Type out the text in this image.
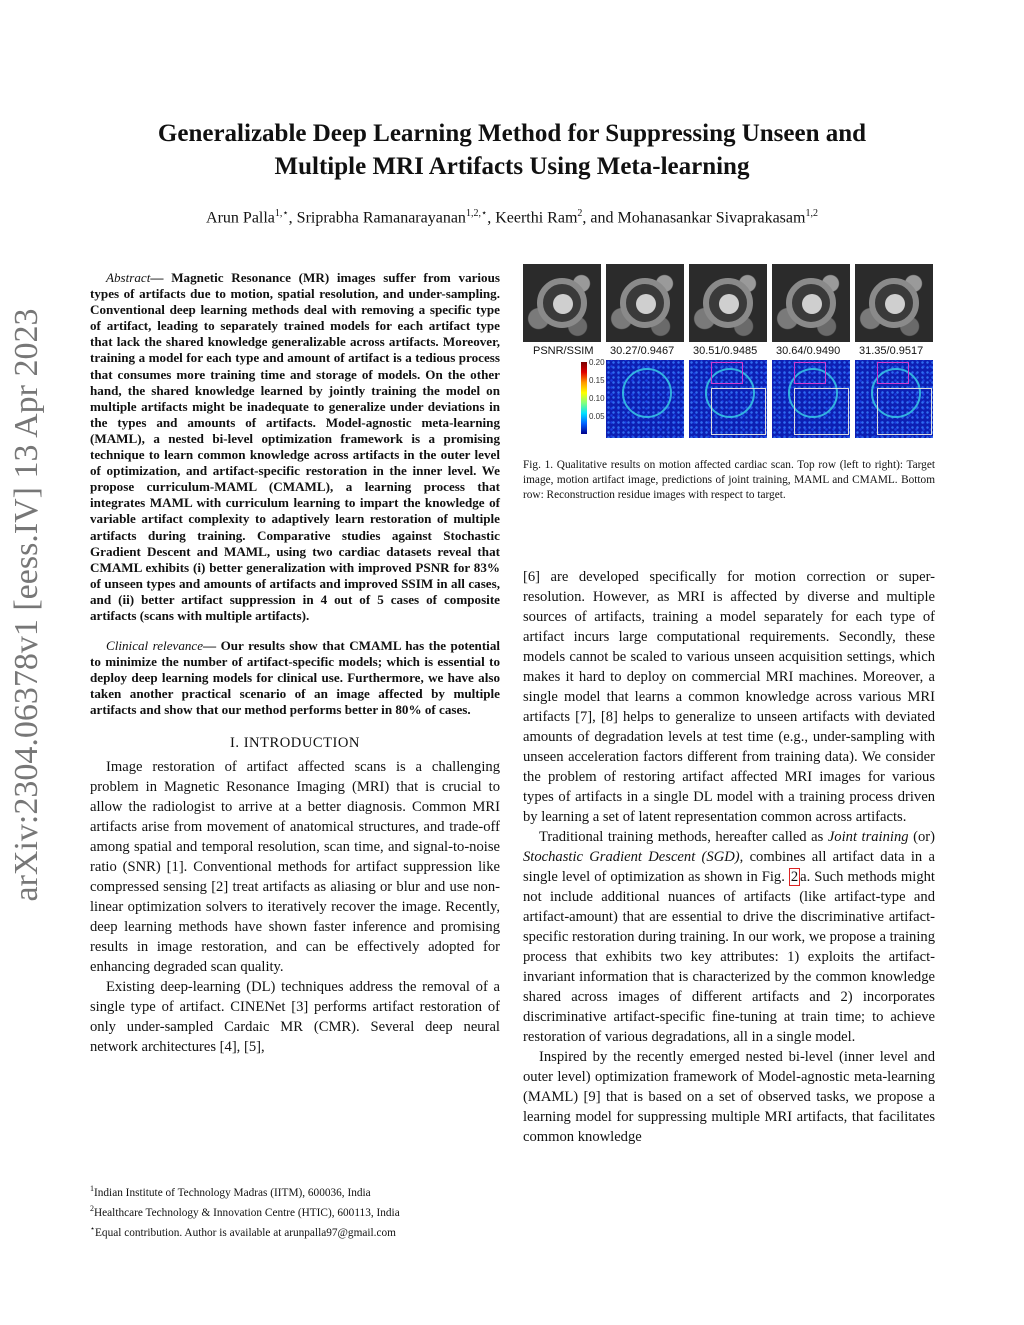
Generalizable Deep Learning Method for Suppressing Unseen and
Multiple MRI Artifacts Using Meta-learning
Arun Palla$^{1,⋆}$, Sriprabha Ramanarayanan$^{1,2,⋆}$, Keerthi Ram$^2$, and Mohanasankar Sivaprakasam$^{1,2}$
arXiv:2304.06378v1 [eess.IV] 13 Apr 2023

Abstract— Magnetic Resonance (MR) images suffer from various types of artifacts due to motion, spatial resolution, and under-sampling. Conventional deep learning methods deal with removing a specific type of artifact, leading to separately trained models for each artifact type that lack the shared knowledge generalizable across artifacts. Moreover, training a model for each type and amount of artifact is a tedious process that consumes more training time and storage of models. On the other hand, the shared knowledge learned by jointly training the model on multiple artifacts might be inadequate to generalize under deviations in the types and amounts of artifacts. Model-agnostic meta-learning (MAML), a nested bi-level optimization framework is a promising technique to learn common knowledge across artifacts in the outer level of optimization, and artifact-specific restoration in the inner level. We propose curriculum-MAML (CMAML), a learning process that integrates MAML with curriculum learning to impart the knowledge of variable artifact complexity to adaptively learn restoration of multiple artifacts during training. Comparative studies against Stochastic Gradient Descent and MAML, using two cardiac datasets reveal that CMAML exhibits (i) better generalization with improved PSNR for 83% of unseen types and amounts of artifacts and improved SSIM in all cases, and (ii) better artifact suppression in 4 out of 5 cases of composite artifacts (scans with multiple artifacts).

Clinical relevance— Our results show that CMAML has the potential to minimize the number of artifact-specific models; which is essential to deploy deep learning models for clinical use. Furthermore, we have also taken another practical scenario of an image affected by multiple artifacts and show that our method performs better in 80% of cases.

I. INTRODUCTION

Image restoration of artifact affected scans is a challenging problem in Magnetic Resonance Imaging (MRI) that is crucial to allow the radiologist to arrive at a better diagnosis. Common MRI artifacts arise from movement of anatomical structures, and trade-off among spatial and temporal resolution, scan time, and signal-to-noise ratio (SNR) [1]. Conventional methods for artifact suppression like compressed sensing [2] treat artifacts as aliasing or blur and use non-linear optimization solvers to iteratively recover the image. Recently, deep learning methods have shown faster inference and promising results in image restoration, and can be effectively adopted for enhancing degraded scan quality.

Existing deep-learning (DL) techniques address the removal of a single type of artifact. CINENet [3] performs artifact restoration of only under-sampled Cardaic MR (CMR). Several deep neural network architectures [4], [5],

$^1$Indian Institute of Technology Madras (IITM), 600036, India
$^2$Healthcare Technology & Innovation Centre (HTIC), 600113, India
⋆Equal contribution. Author is available at arunpalla97@gmail.com
PSNR/SSIM 30.27/0.9467 30.51/0.9485 30.64/0.9490 31.35/0.9517
0.20
0.15
0.10
0.05
Fig. 1. Qualitative results on motion affected cardiac scan. Top row (left to right): Target image, motion artifact image, predictions of joint training, MAML and CMAML. Bottom row: Reconstruction residue images with respect to target.

[6] are developed specifically for motion correction or super-resolution. However, as MRI is affected by diverse and multiple sources of artifacts, training a model separately for each type of artifact incurs large computational requirements. Secondly, these models cannot be scaled to various unseen acquisition settings, which makes it hard to deploy on commercial MRI machines. Moreover, a single model that learns a common knowledge across various MRI artifacts [7], [8] helps to generalize to unseen artifacts with deviated amounts of degradation levels at test time (e.g., under-sampling with unseen acceleration factors different from training data). We consider the problem of restoring artifact affected MRI images for various types of artifacts in a single DL model with a training process driven by learning a set of latent representation common across artifacts.

Traditional training methods, hereafter called as Joint training (or) Stochastic Gradient Descent (SGD), combines all artifact data in a single level of optimization as shown in Fig. 2 a. Such methods might not include additional nuances of artifacts (like artifact-type and artifact-amount) that are essential to drive the discriminative artifact-specific restoration during training. In our work, we propose a training process that exhibits two key attributes: 1) exploits the artifact-invariant information that is characterized by the common knowledge shared across images of different artifacts and 2) incorporates discriminative artifact-specific fine-tuning at train time; to achieve restoration of various degradations, all in a single model.

Inspired by the recently emerged nested bi-level (inner level and outer level) optimization framework of Model-agnostic meta-learning (MAML) [9] that is based on a set of observed tasks, we propose a learning model for suppressing multiple MRI artifacts, that facilitates common knowledge
